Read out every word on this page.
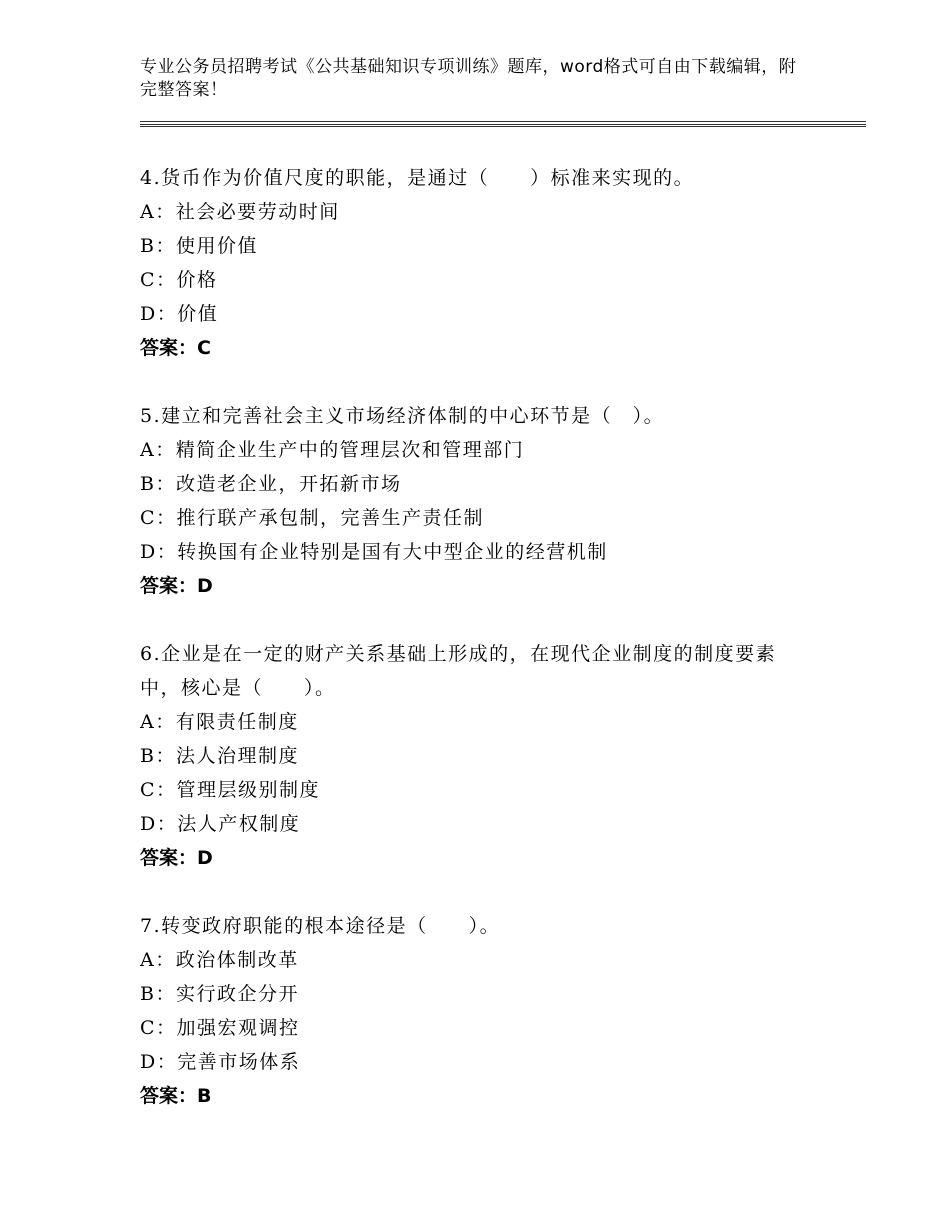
专业公务员招聘考试《公共基础知识专项训练》题库，word格式可自由下载编辑，附完整答案！

4.货币作为价值尺度的职能，是通过（　　）标准来实现的。

A：社会必要劳动时间

B：使用价值

C：价格

D：价值

答案：C

5.建立和完善社会主义市场经济体制的中心环节是（　）。

A：精简企业生产中的管理层次和管理部门

B：改造老企业，开拓新市场

C：推行联产承包制，完善生产责任制

D：转换国有企业特别是国有大中型企业的经营机制

答案：D

6.企业是在一定的财产关系基础上形成的，在现代企业制度的制度要素中，核心是（　　）。

A：有限责任制度

B：法人治理制度

C：管理层级别制度

D：法人产权制度

答案：D

7.转变政府职能的根本途径是（　　）。

A：政治体制改革

B：实行政企分开

C：加强宏观调控

D：完善市场体系

答案：B
